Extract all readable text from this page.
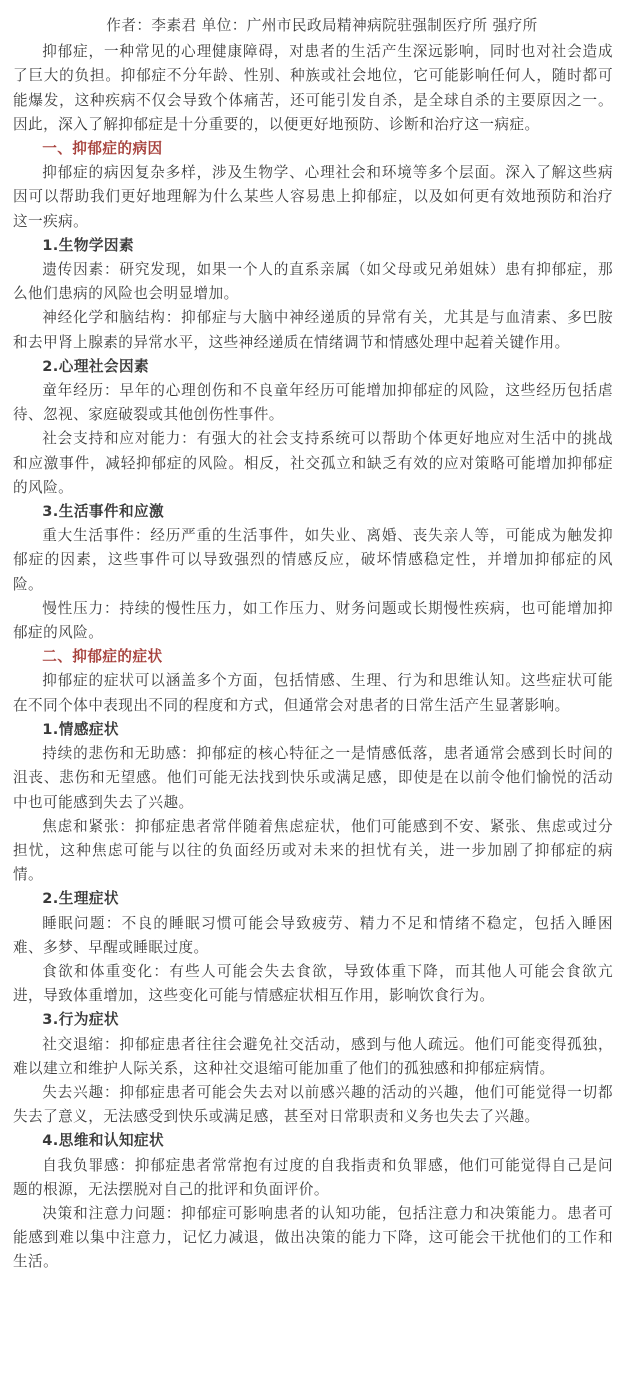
作者：李素君 单位：广州市民政局精神病院驻强制医疗所 强疗所

抑郁症，一种常见的心理健康障碍，对患者的生活产生深远影响，同时也对社会造成了巨大的负担。抑郁症不分年龄、性别、种族或社会地位，它可能影响任何人，随时都可能爆发，这种疾病不仅会导致个体痛苦，还可能引发自杀，是全球自杀的主要原因之一。因此，深入了解抑郁症是十分重要的，以便更好地预防、诊断和治疗这一病症。

一、抑郁症的病因

抑郁症的病因复杂多样，涉及生物学、心理社会和环境等多个层面。深入了解这些病因可以帮助我们更好地理解为什么某些人容易患上抑郁症，以及如何更有效地预防和治疗这一疾病。

1.生物学因素

遗传因素：研究发现，如果一个人的直系亲属（如父母或兄弟姐妹）患有抑郁症，那么他们患病的风险也会明显增加。

神经化学和脑结构：抑郁症与大脑中神经递质的异常有关，尤其是与血清素、多巴胺和去甲肾上腺素的异常水平，这些神经递质在情绪调节和情感处理中起着关键作用。

2.心理社会因素

童年经历：早年的心理创伤和不良童年经历可能增加抑郁症的风险，这些经历包括虐待、忽视、家庭破裂或其他创伤性事件。

社会支持和应对能力：有强大的社会支持系统可以帮助个体更好地应对生活中的挑战和应激事件，减轻抑郁症的风险。相反，社交孤立和缺乏有效的应对策略可能增加抑郁症的风险。

3.生活事件和应激

重大生活事件：经历严重的生活事件，如失业、离婚、丧失亲人等，可能成为触发抑郁症的因素，这些事件可以导致强烈的情感反应，破坏情感稳定性，并增加抑郁症的风险。

慢性压力：持续的慢性压力，如工作压力、财务问题或长期慢性疾病，也可能增加抑郁症的风险。

二、抑郁症的症状

抑郁症的症状可以涵盖多个方面，包括情感、生理、行为和思维认知。这些症状可能在不同个体中表现出不同的程度和方式，但通常会对患者的日常生活产生显著影响。

1.情感症状

持续的悲伤和无助感：抑郁症的核心特征之一是情感低落，患者通常会感到长时间的沮丧、悲伤和无望感。他们可能无法找到快乐或满足感，即使是在以前令他们愉悦的活动中也可能感到失去了兴趣。

焦虑和紧张：抑郁症患者常伴随着焦虑症状，他们可能感到不安、紧张、焦虑或过分担忧，这种焦虑可能与以往的负面经历或对未来的担忧有关，进一步加剧了抑郁症的病情。

2.生理症状

睡眠问题：不良的睡眠习惯可能会导致疲劳、精力不足和情绪不稳定，包括入睡困难、多梦、早醒或睡眠过度。

食欲和体重变化：有些人可能会失去食欲，导致体重下降，而其他人可能会食欲亢进，导致体重增加，这些变化可能与情感症状相互作用，影响饮食行为。

3.行为症状

社交退缩：抑郁症患者往往会避免社交活动，感到与他人疏远。他们可能变得孤独，难以建立和维护人际关系，这种社交退缩可能加重了他们的孤独感和抑郁症病情。

失去兴趣：抑郁症患者可能会失去对以前感兴趣的活动的兴趣，他们可能觉得一切都失去了意义，无法感受到快乐或满足感，甚至对日常职责和义务也失去了兴趣。

4.思维和认知症状

自我负罪感：抑郁症患者常常抱有过度的自我指责和负罪感，他们可能觉得自己是问题的根源，无法摆脱对自己的批评和负面评价。

决策和注意力问题：抑郁症可影响患者的认知功能，包括注意力和决策能力。患者可能感到难以集中注意力，记忆力减退，做出决策的能力下降，这可能会干扰他们的工作和生活。
